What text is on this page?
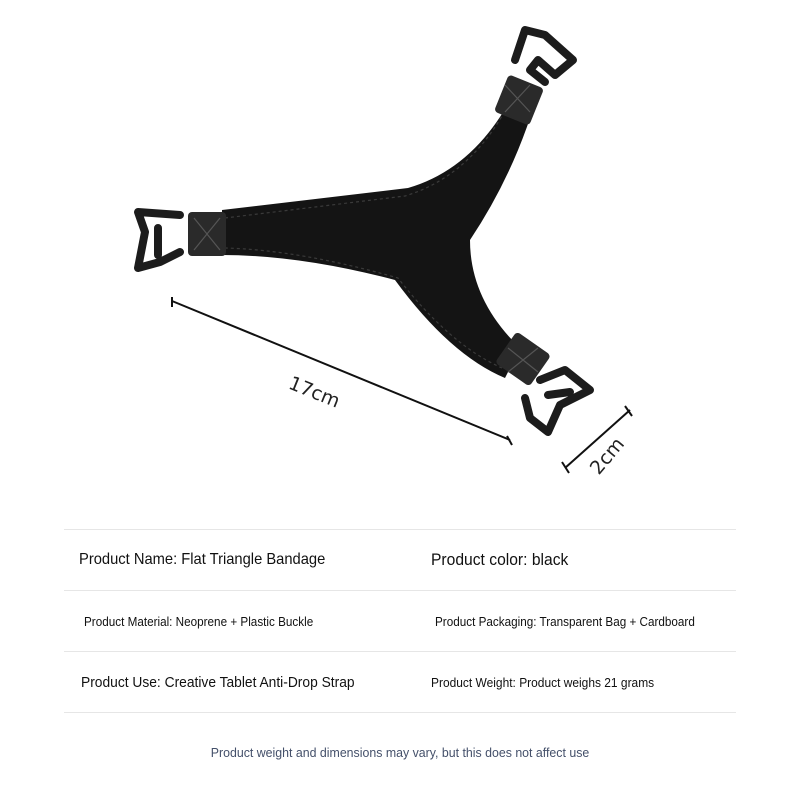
17cm
2cm
Product Name: Flat Triangle Bandage	Product color: black
Product Material: Neoprene + Plastic Buckle	Product Packaging: Transparent Bag + Cardboard
Product Use: Creative Tablet Anti-Drop Strap	Product Weight: Product weighs 21 grams
Product weight and dimensions may vary, but this does not affect use
